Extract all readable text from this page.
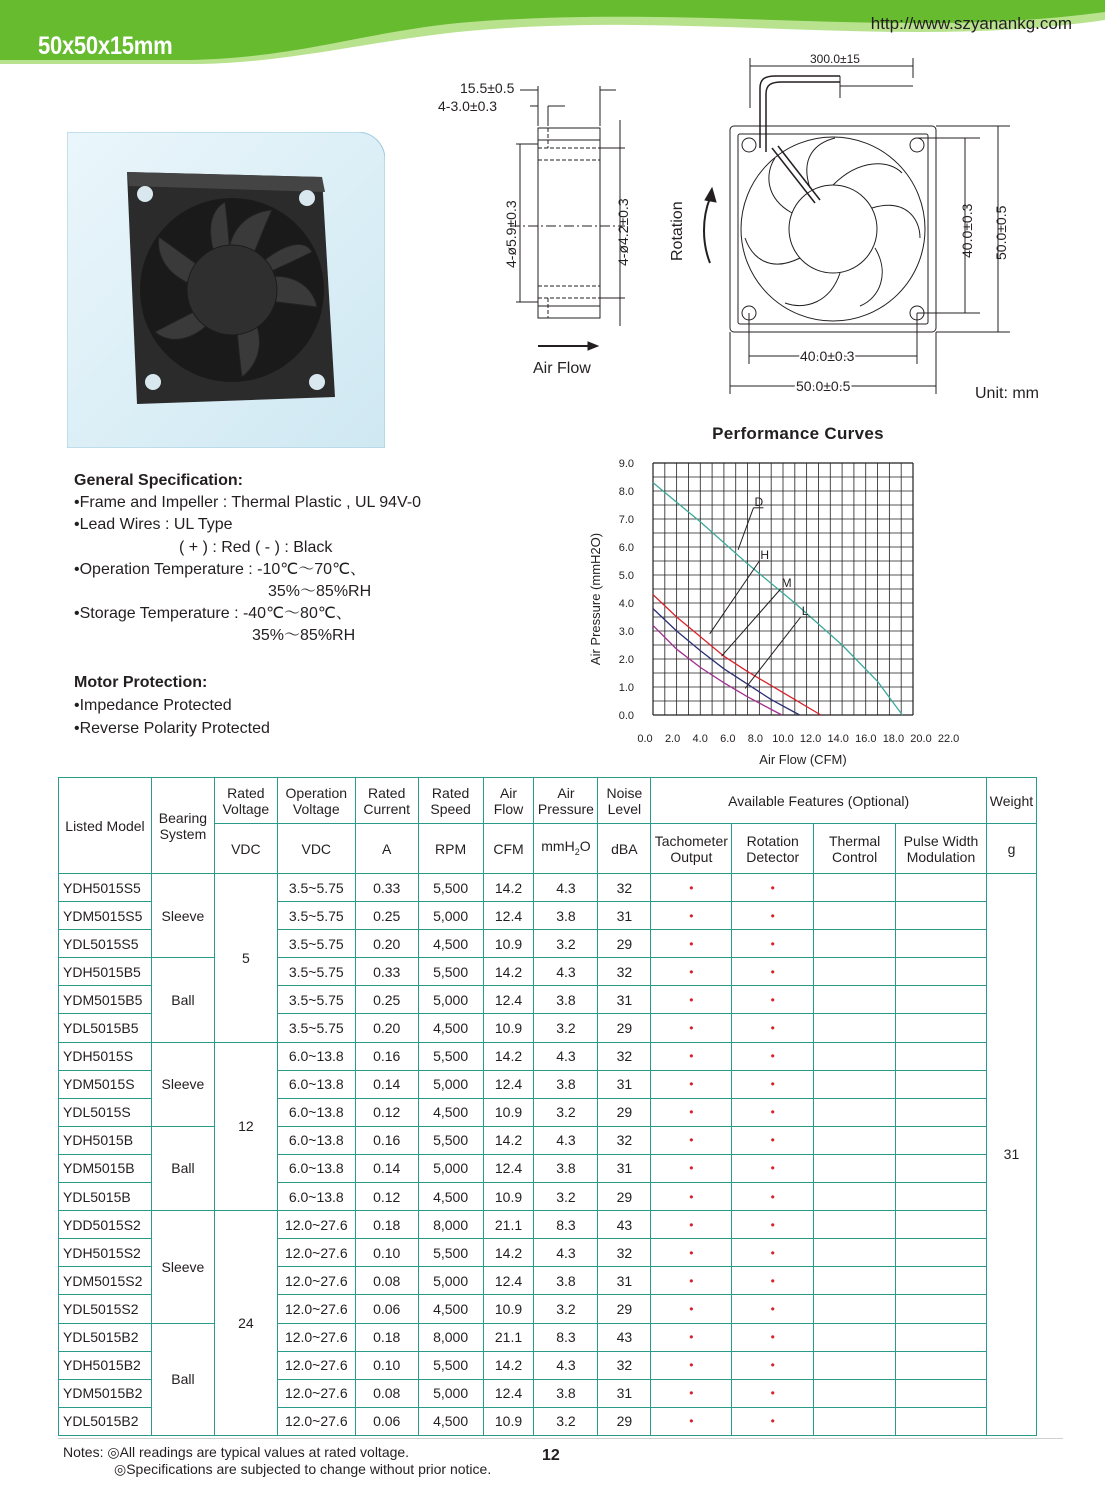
http://www.szyanankg.com
50x50x15mm
15.5±0.5
4-3.0±0.3
4-ø5.9±0.3	4-ø4.2±0.3
Air Flow
Rotation
300.0±15
40.0±0.3 50.0±0.5
40.0±0.3
50.0±0.5	Unit: mm
General Specification:
•Frame and Impeller : Thermal Plastic , UL 94V-0
•Lead Wires : UL Type
( + ) : Red ( - ) : Black
•Operation Temperature : -10℃～70℃、
35%～85%RH
•Storage Temperature : -40℃～80℃、
35%～85%RH
Motor Protection:
•Impedance Protected
•Reverse Polarity Protected
Performance Curves
0.0
1.0
2.0
3.0
4.0
5.0
6.0
7.0
8.0
9.0
0.0 2.0 4.0 6.0 8.0 10.0 12.0 14.0 16.0 18.0 20.0 22.0
Air Flow (CFM)
Air Pressure (mmH2O)
D
H
M
L
Listed Model	Bearing System	Rated Voltage	Operation Voltage	Rated Current	Rated Speed	Air Flow	Air Pressure	Noise Level	Available Features (Optional)				Weight
		VDC	VDC	A	RPM	CFM	mmH$_2$O	dBA	Tachometer Output	Rotation Detector	Thermal Control	Pulse Width Modulation	g
YDH5015S5	Sleeve	5	3.5~5.75	0.33	5,500	14.2	4.3	32	•	•			31
YDM5015S5			3.5~5.75	0.25	5,000	12.4	3.8	31	•	•			
YDL5015S5			3.5~5.75	0.20	4,500	10.9	3.2	29	•	•			
YDH5015B5	Ball		3.5~5.75	0.33	5,500	14.2	4.3	32	•	•			
YDM5015B5			3.5~5.75	0.25	5,000	12.4	3.8	31	•	•			
YDL5015B5			3.5~5.75	0.20	4,500	10.9	3.2	29	•	•			
YDH5015S	Sleeve	12	6.0~13.8	0.16	5,500	14.2	4.3	32	•	•			
YDM5015S			6.0~13.8	0.14	5,000	12.4	3.8	31	•	•			
YDL5015S			6.0~13.8	0.12	4,500	10.9	3.2	29	•	•			
YDH5015B	Ball		6.0~13.8	0.16	5,500	14.2	4.3	32	•	•			
YDM5015B			6.0~13.8	0.14	5,000	12.4	3.8	31	•	•			
YDL5015B			6.0~13.8	0.12	4,500	10.9	3.2	29	•	•			
YDD5015S2	Sleeve	24	12.0~27.6	0.18	8,000	21.1	8.3	43	•	•			
YDH5015S2			12.0~27.6	0.10	5,500	14.2	4.3	32	•	•			
YDM5015S2			12.0~27.6	0.08	5,000	12.4	3.8	31	•	•			
YDL5015S2			12.0~27.6	0.06	4,500	10.9	3.2	29	•	•			
YDL5015B2	Ball		12.0~27.6	0.18	8,000	21.1	8.3	43	•	•			
YDH5015B2			12.0~27.6	0.10	5,500	14.2	4.3	32	•	•			
YDM5015B2			12.0~27.6	0.08	5,000	12.4	3.8	31	•	•			
YDL5015B2			12.0~27.6	0.06	4,500	10.9	3.2	29	•	•			
Notes: ◎All readings are typical values at rated voltage.
◎Specifications are subjected to change without prior notice.
12
